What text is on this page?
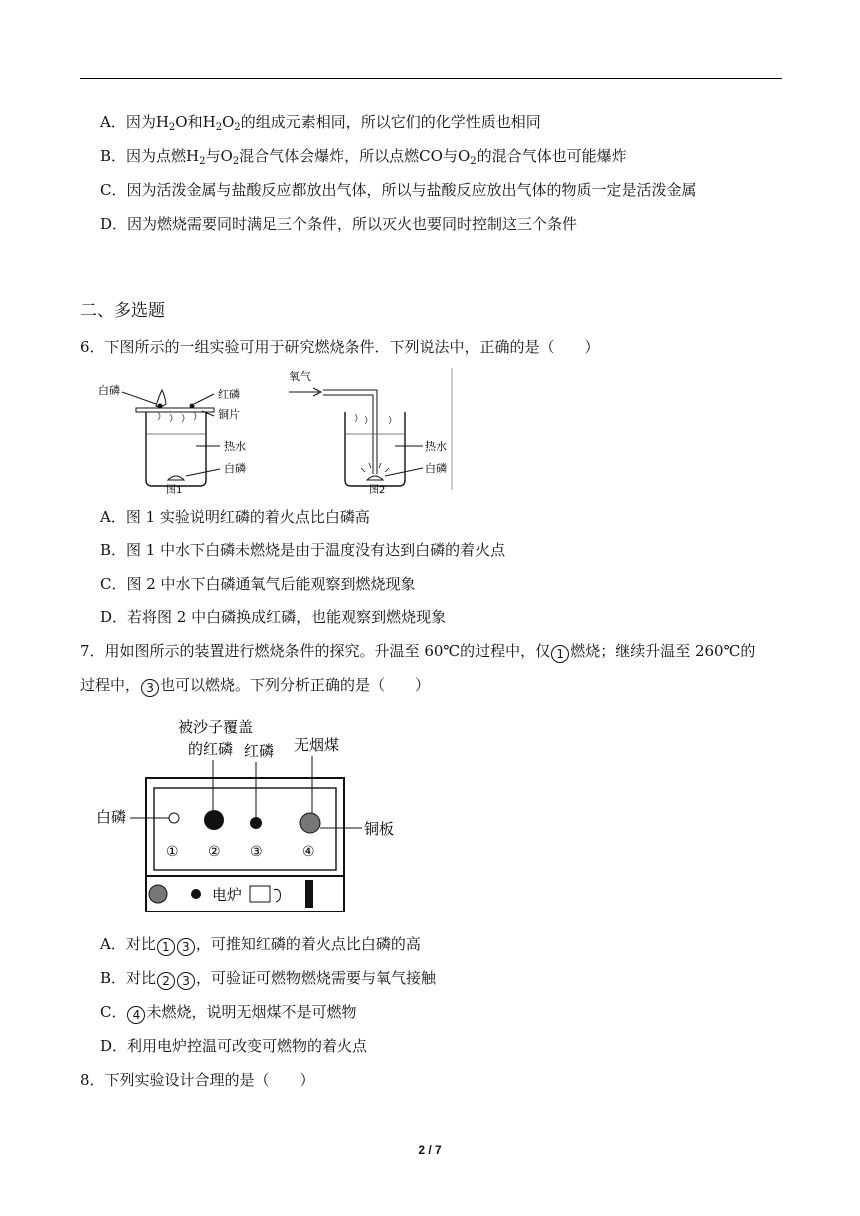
A．因为$H_2O$和$H_2O_2$的组成元素相同，所以它们的化学性质也相同
B．因为点燃$H_2$与$O_2$混合气体会爆炸，所以点燃CO与$O_2$的混合气体也可能爆炸
C．因为活泼金属与盐酸反应都放出气体，所以与盐酸反应放出气体的物质一定是活泼金属
D．因为燃烧需要同时满足三个条件，所以灭火也要同时控制这三个条件
二、多选题
6．下图所示的一组实验可用于研究燃烧条件．下列说法中，正确的是（　　）
白磷	红磷
铜片
热水
白磷
图1
氧气
热水
白磷
图2
A．图 1 实验说明红磷的着火点比白磷高
B．图 1 中水下白磷未燃烧是由于温度没有达到白磷的着火点
C．图 2 中水下白磷通氧气后能观察到燃烧现象
D．若将图 2 中白磷换成红磷，也能观察到燃烧现象
7．用如图所示的装置进行燃烧条件的探究。升温至 60℃的过程中，仅 1 燃烧；继续升温至 260℃的
过程中， 3 也可以燃烧。下列分析正确的是（　　）
被沙子覆盖
的红磷 红磷 无烟煤
白磷
铜板
① ② ③	④
电炉
A．对比 1 3 ，可推知红磷的着火点比白磷的高
B．对比 2 3 ，可验证可燃物燃烧需要与氧气接触
C． 4 未燃烧，说明无烟煤不是可燃物
D．利用电炉控温可改变可燃物的着火点
8．下列实验设计合理的是（　　）
2 / 7
